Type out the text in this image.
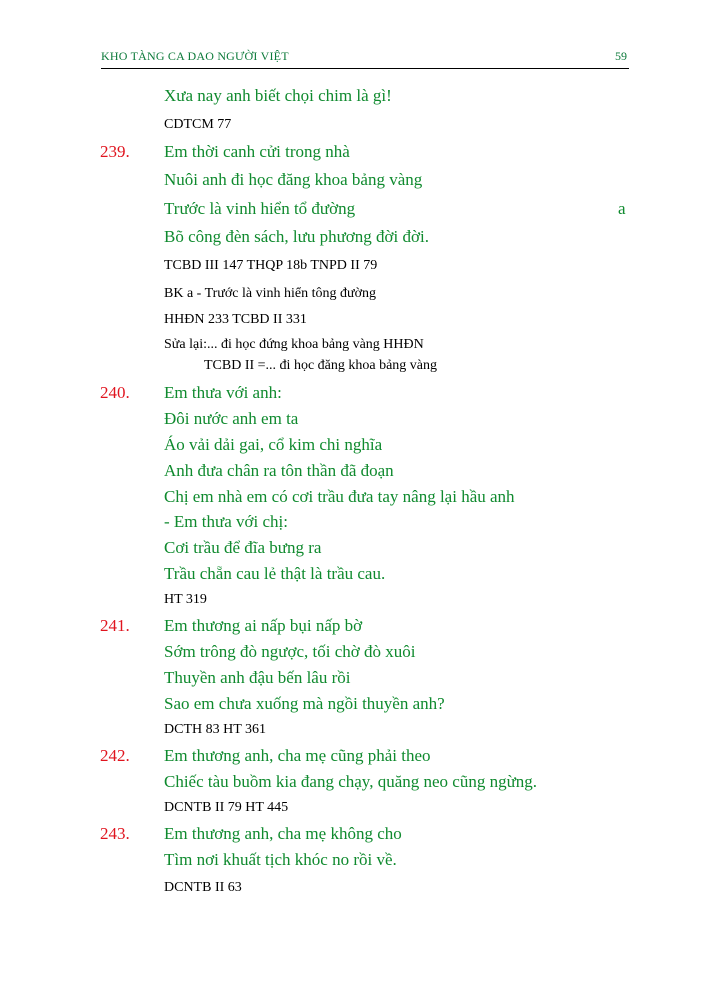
KHO TÀNG CA DAO NGƯỜI VIỆT	59
Xưa nay anh biết chọi chim là gì!
CDTCM 77
239. Em thời canh cửi trong nhà
Nuôi anh đi học đăng khoa bảng vàng
Trước là vinh hiển tổ đường	a
Bõ công đèn sách, lưu phương đời đời.
TCBD III 147 THQP 18b TNPD II 79
BK a - Trước là vinh hiển tông đường
HHĐN 233 TCBD II 331
Sửa lại:... đi học đứng khoa bảng vàng HHĐN
TCBD II =... đi học đăng khoa bảng vàng
240. Em thưa với anh:
Đôi nước anh em ta
Áo vải dải gai, cổ kim chi nghĩa
Anh đưa chân ra tôn thần đã đoạn
Chị em nhà em có cơi trầu đưa tay nâng lại hầu anh
- Em thưa với chị:
Cơi trầu để đĩa bưng ra
Trầu chẵn cau lẻ thật là trầu cau.
HT 319
241. Em thương ai nấp bụi nấp bờ
Sớm trông đò ngược, tối chờ đò xuôi
Thuyền anh đậu bến lâu rồi
Sao em chưa xuống mà ngồi thuyền anh?
DCTH 83 HT 361
242. Em thương anh, cha mẹ cũng phải theo
Chiếc tàu buồm kia đang chạy, quăng neo cũng ngừng.
DCNTB II 79 HT 445
243. Em thương anh, cha mẹ không cho
Tìm nơi khuất tịch khóc no rồi về.
DCNTB II 63
